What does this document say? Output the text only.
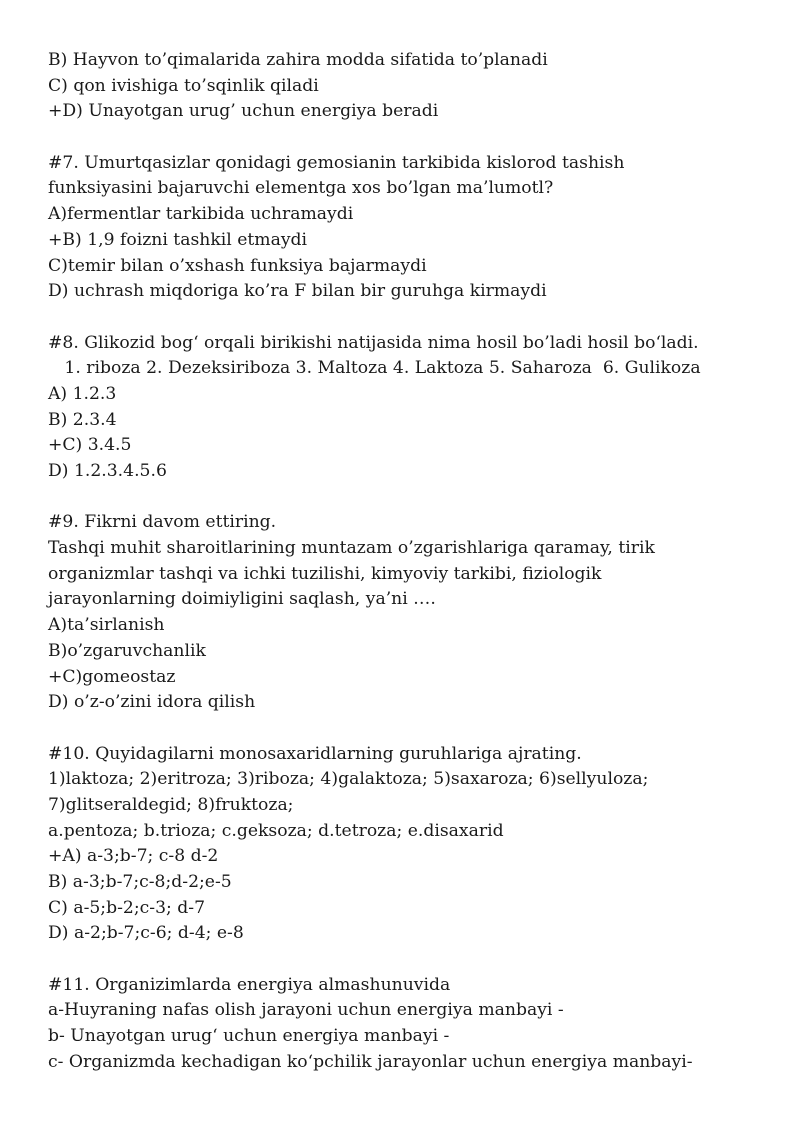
B) Hayvon to’qimalarida zahira modda sifatida to’planadi
C) qon ivishiga to’sqinlik qiladi
+D) Unayotgan urug’ uchun energiya beradi
#7. Umurtqasizlar qonidagi gemosianin tarkibida kislorod tashish
funksiyasini bajaruvchi elementga xos bo’lgan ma’lumotl?
A)fermentlar tarkibida uchramaydi
+B) 1,9 foizni tashkil etmaydi
C)temir bilan o’xshash funksiya bajarmaydi
D) uchrash miqdoriga ko’ra F bilan bir guruhga kirmaydi
#8. Glikozid bog‘ orqali birikishi natijasida nima hosil bo’ladi hosil bo‘ladi.
1. riboza 2. Dezeksiriboza 3. Maltoza 4. Laktoza 5. Saharoza  6. Gulikoza
A) 1.2.3
B) 2.3.4
+C) 3.4.5
D) 1.2.3.4.5.6
#9. Fikrni davom ettiring.
Tashqi muhit sharoitlarining muntazam o’zgarishlariga qaramay, tirik
organizmlar tashqi va ichki tuzilishi, kimyoviy tarkibi, fiziologik
jarayonlarning doimiyligini saqlash, ya’ni ….
A)ta’sirlanish
B)o’zgaruvchanlik
+C)gomeostaz
D) o’z-o’zini idora qilish
#10. Quyidagilarni monosaxaridlarning guruhlariga ajrating.
1)laktoza; 2)eritroza; 3)riboza; 4)galaktoza; 5)saxaroza; 6)sellyuloza;
7)glitseraldegid; 8)fruktoza;
a.pentoza; b.trioza; c.geksoza; d.tetroza; e.disaxarid
+A) a-3;b-7; c-8 d-2
B) a-3;b-7;c-8;d-2;e-5
C) a-5;b-2;c-3; d-7
D) a-2;b-7;c-6; d-4; e-8
#11. Organizimlarda energiya almashunuvida
a-Huyraning nafas olish jarayoni uchun energiya manbayi -
b- Unayotgan urug‘ uchun energiya manbayi -
c- Organizmda kechadigan ko‘pchilik jarayonlar uchun energiya manbayi-
